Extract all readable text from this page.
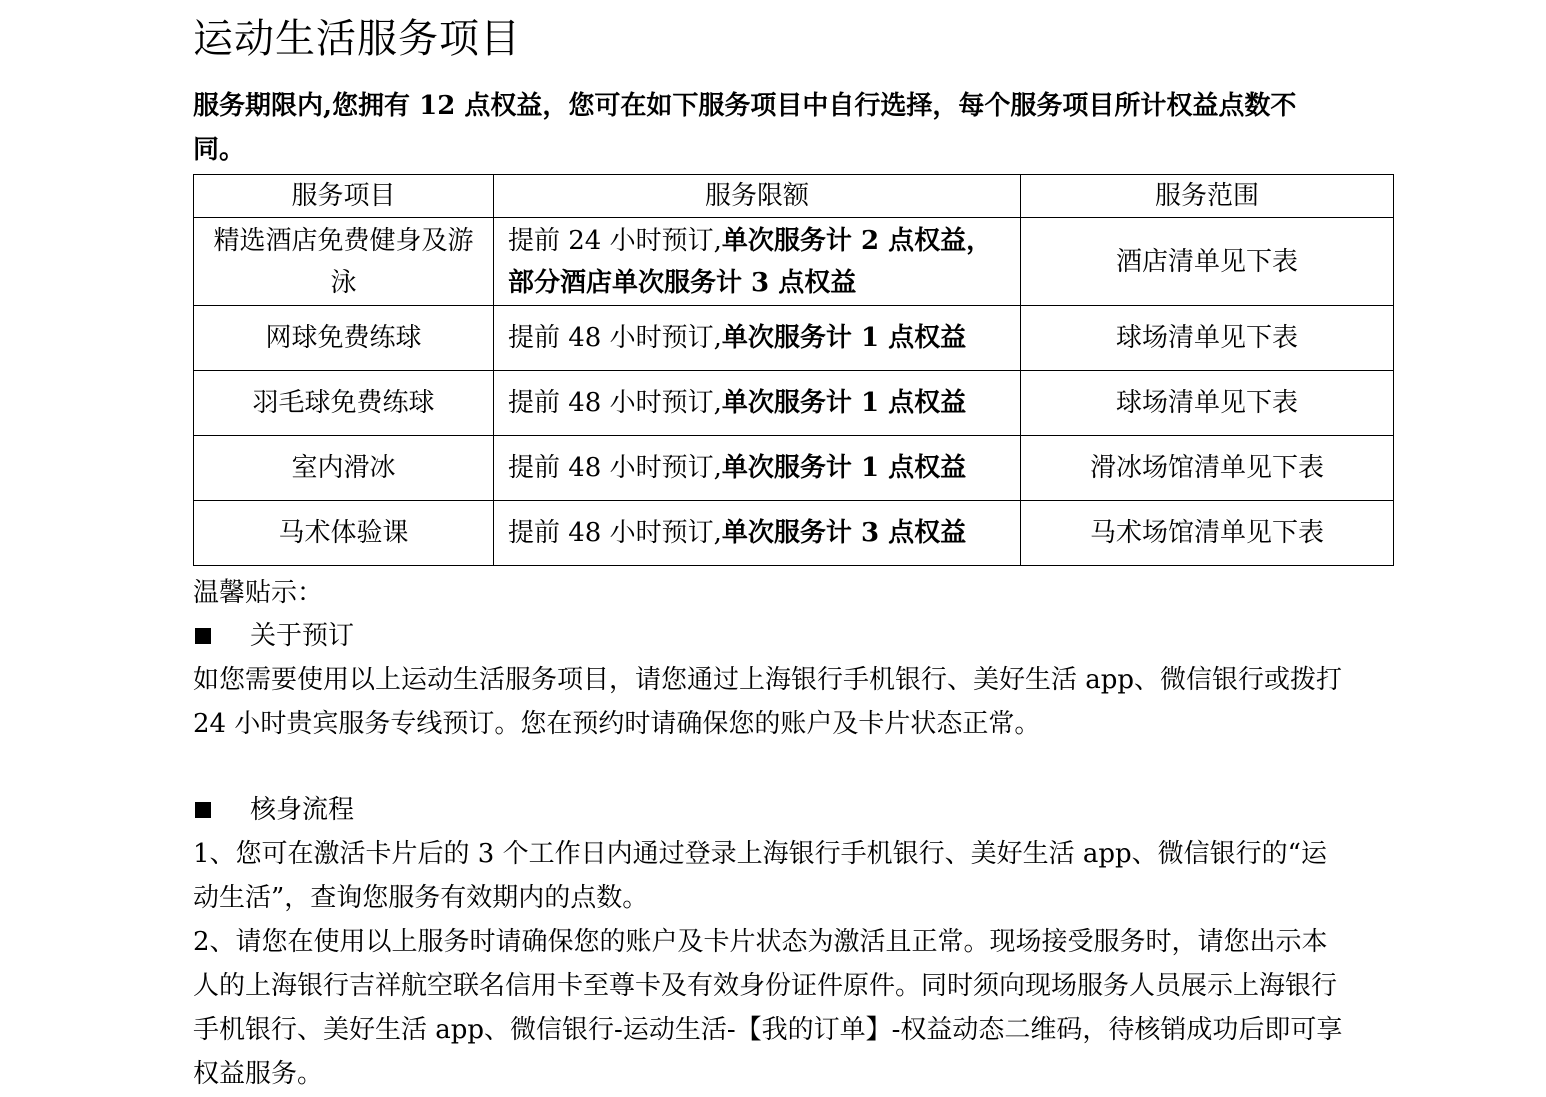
运动生活服务项目

服务期限内,您拥有 12 点权益，您可在如下服务项目中自行选择，每个服务项目所计权益点数不同。

服务项目	服务限额	服务范围
精选酒店免费健身及游泳	提前 24 小时预订,单次服务计 2 点权益，部分酒店单次服务计 3 点权益	酒店清单见下表
网球免费练球	提前 48 小时预订,单次服务计 1 点权益	球场清单见下表
羽毛球免费练球	提前 48 小时预订,单次服务计 1 点权益	球场清单见下表
室内滑冰	提前 48 小时预订,单次服务计 1 点权益	滑冰场馆清单见下表
马术体验课	提前 48 小时预订,单次服务计 3 点权益	马术场馆清单见下表
温馨贴示：
关于预订

如您需要使用以上运动生活服务项目，请您通过上海银行手机银行、美好生活 app、微信银行或拨打 24 小时贵宾服务专线预订。您在预约时请确保您的账户及卡片状态正常。

核身流程

1、您可在激活卡片后的 3 个工作日内通过登录上海银行手机银行、美好生活 app、微信银行的“运动生活”，查询您服务有效期内的点数。

2、请您在使用以上服务时请确保您的账户及卡片状态为激活且正常。现场接受服务时，请您出示本人的上海银行吉祥航空联名信用卡至尊卡及有效身份证件原件。同时须向现场服务人员展示上海银行手机银行、美好生活 app、微信银行-运动生活-【我的订单】-权益动态二维码，待核销成功后即可享权益服务。
